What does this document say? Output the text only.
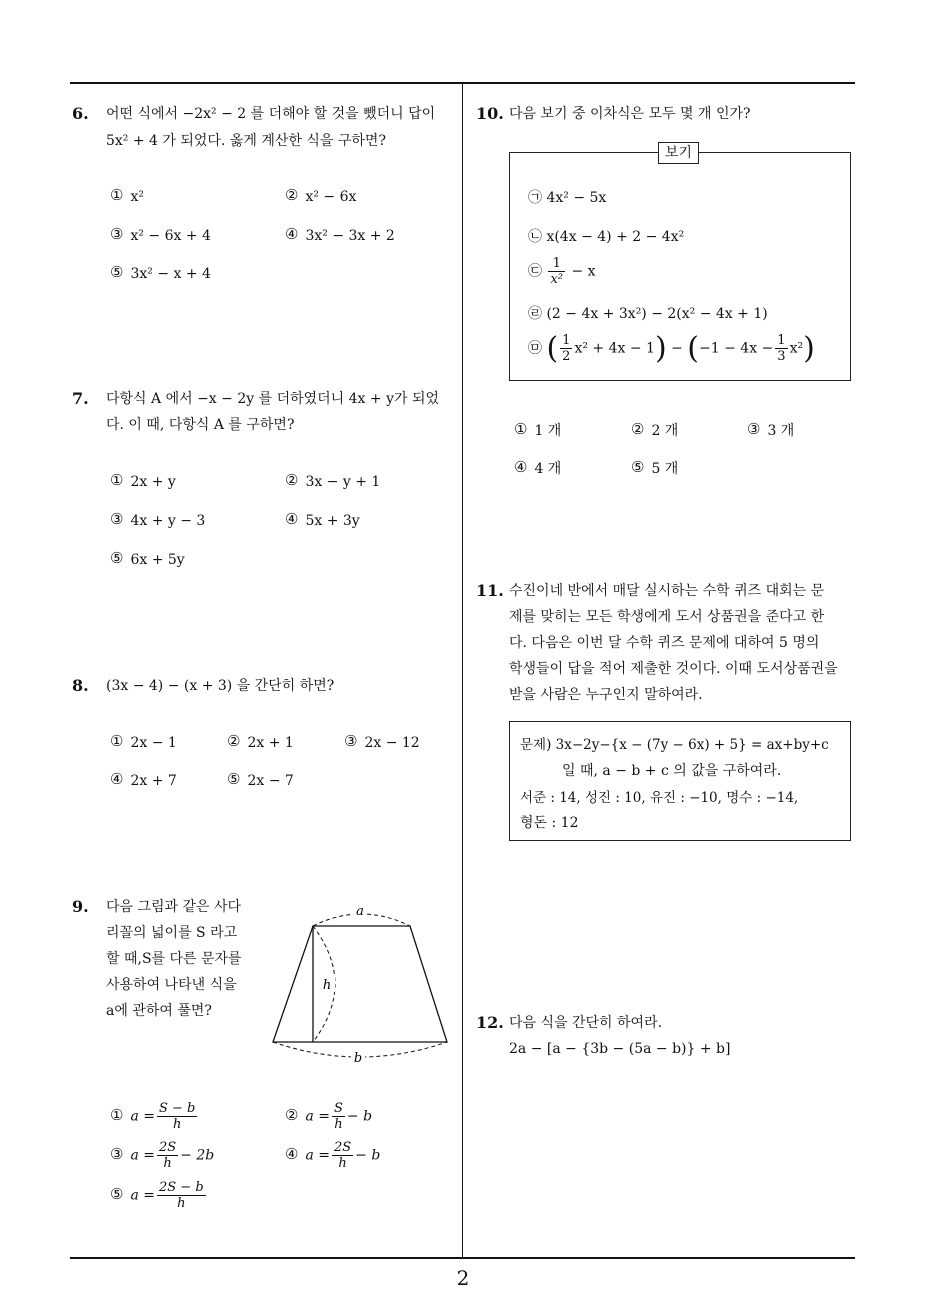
2
6. 어떤 식에서 −2x² − 2 를 더해야 할 것을 뺐더니 답이
5x² + 4 가 되었다. 옳게 계산한 식을 구하면?
① x²	② x² − 6x
③ x² − 6x + 4	④ 3x² − 3x + 2
⑤ 3x² − x + 4
7. 다항식 A 에서 −x − 2y 를 더하였더니 4x + y가 되었
다. 이 때, 다항식 A 를 구하면?
① 2x + y	② 3x − y + 1
③ 4x + y − 3	④ 5x + 3y
⑤ 6x + 5y
8. (3x − 4) − (x + 3) 을 간단히 하면?
① 2x − 1	② 2x + 1	③ 2x − 12
④ 2x + 7	⑤ 2x − 7
9. 다음 그림과 같은 사다
리꼴의 넓이를 S 라고
할 때,S를 다른 문자를
사용하여 나타낸 식을
a에 관하여 풀면?
a
h
b
① $a = \frac{S - b}{h}$	② $a = \frac{S}{h} - b$
③ $a = \frac{2S}{h} - 2b$	④ $a = \frac{2S}{h} - b$
⑤ $a = \frac{2S - b}{h}$
10. 다음 보기 중 이차식은 모두 몇 개 인가?
보기
㉠ 4x² − 5x
㉡ x(4x − 4) + 2 − 4x²
㉢ $\frac{1}{\text{x²}} - x$
㉣ (2 − 4x + 3x²) − 2(x² − 4x + 1)
㉤ ( $\frac{1}{2} x^2 + 4x - 1) - (-1 - 4x - \frac{1}{3} x^2)$
① 1 개	② 2 개	③ 3 개
④ 4 개	⑤ 5 개
11. 수진이네 반에서 매달 실시하는 수학 퀴즈 대회는 문
제를 맞히는 모든 학생에게 도서 상품권을 준다고 한
다. 다음은 이번 달 수학 퀴즈 문제에 대하여 5 명의
학생들이 답을 적어 제출한 것이다. 이때 도서상품권을
받을 사람은 누구인지 말하여라.
문제) 3x−2y−{x − (7y − 6x) + 5} = ax+by+c
일 때, a − b + c 의 값을 구하여라.
서준 : 14, 성진 : 10, 유진 : −10, 명수 : −14,
형돈 : 12
12. 다음 식을 간단히 하여라.
2a − [a − {3b − (5a − b)} + b]
